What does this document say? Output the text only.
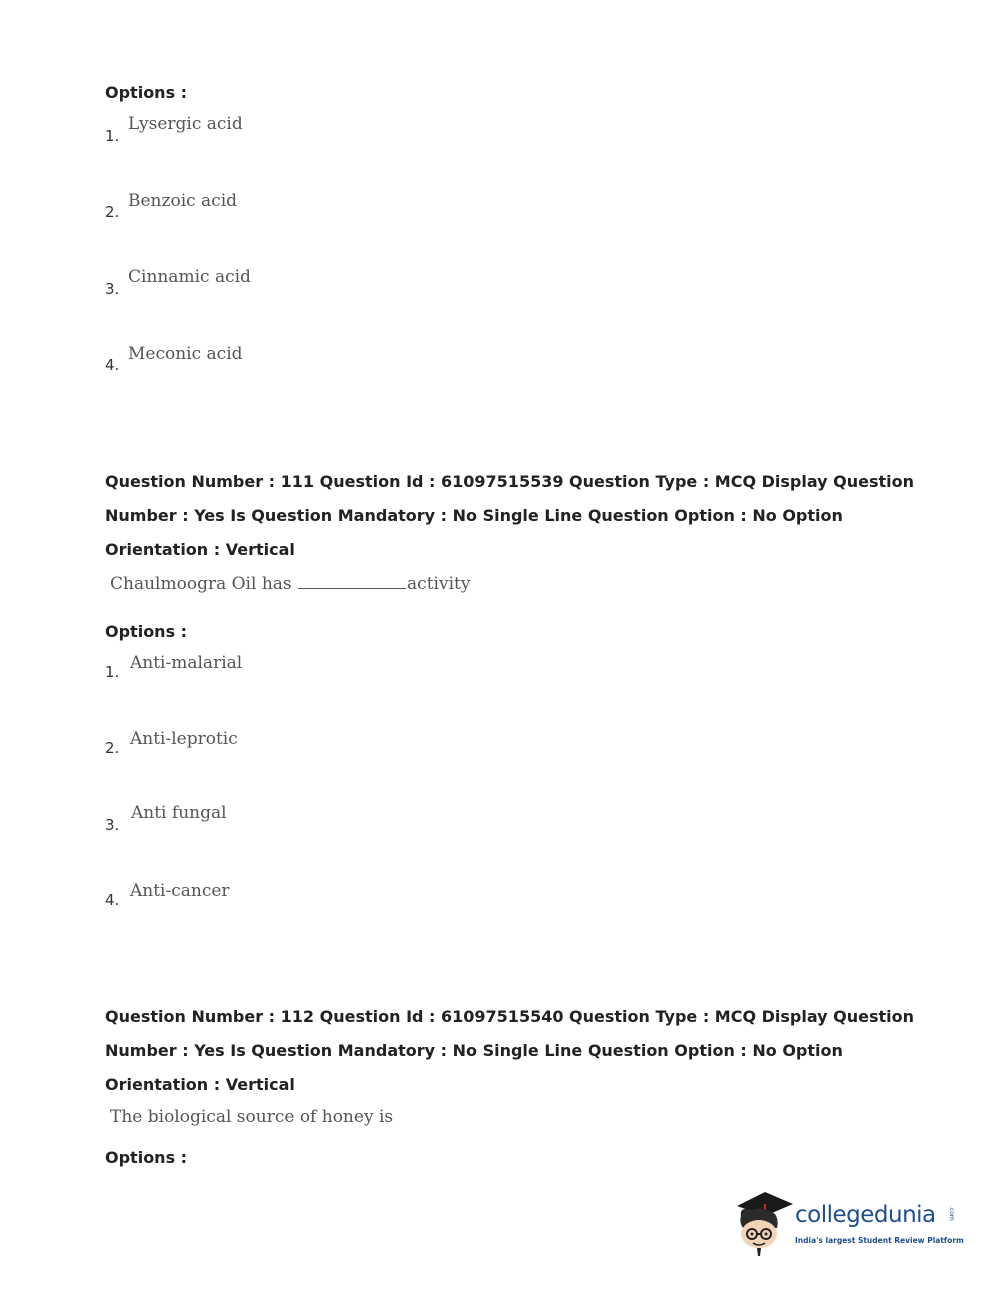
Options :
1.
Lysergic acid
2.
Benzoic acid
3.
Cinnamic acid
4.
Meconic acid
Question Number : 111 Question Id : 61097515539 Question Type : MCQ Display Question
Number : Yes Is Question Mandatory : No Single Line Question Option : No Option
Orientation : Vertical
Chaulmoogra Oil has	activity
Options :
1. Anti-malarial
2. Anti-leprotic
3.
Anti fungal
4. Anti-cancer
Question Number : 112 Question Id : 61097515540 Question Type : MCQ Display Question
Number : Yes Is Question Mandatory : No Single Line Question Option : No Option
Orientation : Vertical
The biological source of honey is
Options :
collegedunia .com
India's largest Student Review Platform
